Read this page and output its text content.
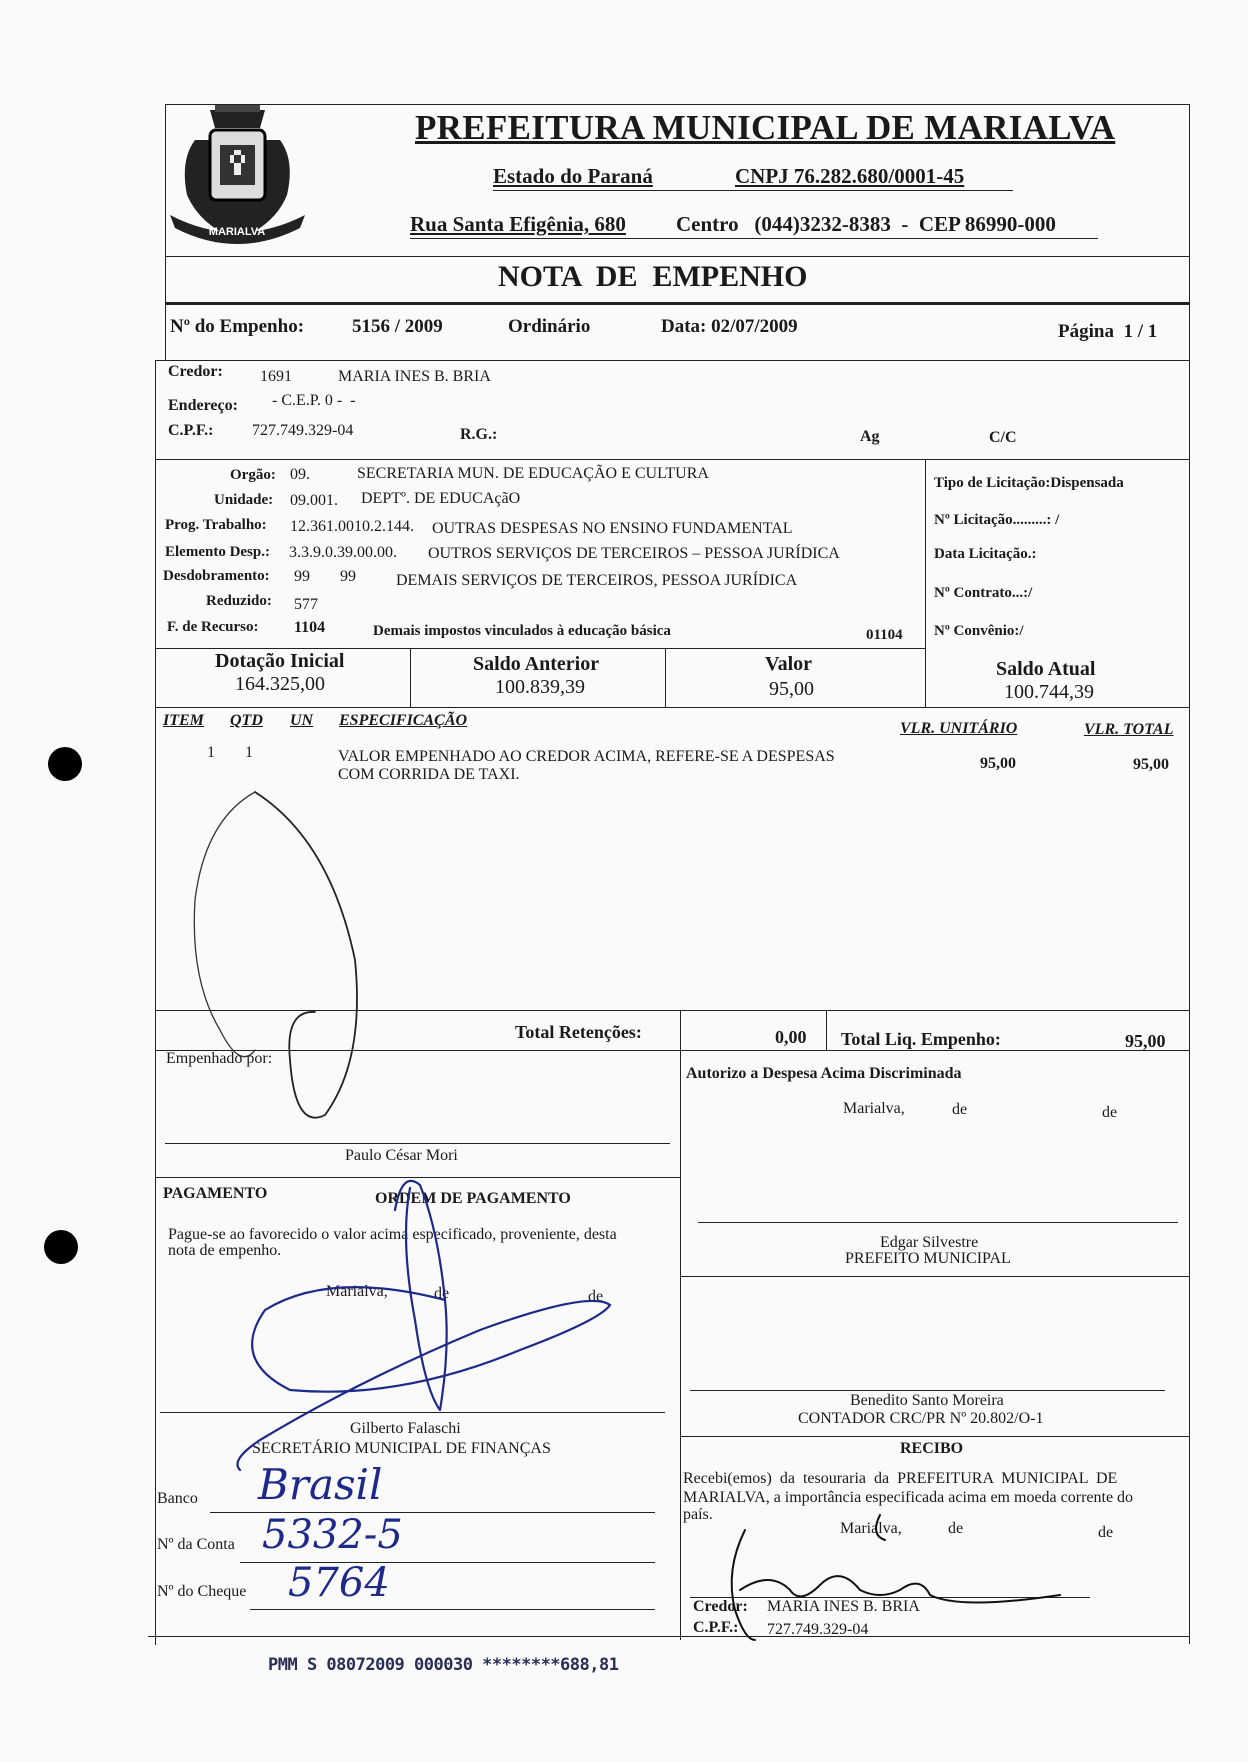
MARIALVA
PREFEITURA MUNICIPAL DE MARIALVA
Estado do Paraná	CNPJ 76.282.680/0001-45
Rua Santa Efigênia, 680 Centro   (044)3232-8383  -  CEP 86990-000
NOTA  DE  EMPENHO
Nº do Empenho:	5156 / 2009	Ordinário	Data: 02/07/2009	Página  1 / 1
Credor: 1691	MARIA INES B. BRIA
Endereço: - C.E.P. 0 -  -
C.P.F.: 727.749.329-04	R.G.:	Ag	C/C
Orgão: 09.	SECRETARIA MUN. DE EDUCAÇÃO E CULTURA
Unidade: 09.001. DEPTº. DE EDUCAçãO
Prog. Trabalho: 12.361.0010.2.144. OUTRAS DESPESAS NO ENSINO FUNDAMENTAL
Elemento Desp.: 3.3.9.0.39.00.00. OUTROS SERVIÇOS DE TERCEIROS – PESSOA JURÍDICA
Desdobramento: 99 99	DEMAIS SERVIÇOS DE TERCEIROS, PESSOA JURÍDICA
Reduzido: 577
F. de Recurso: 1104	Demais impostos vinculados à educação básica	01104
Tipo de Licitação:Dispensada
Nº Licitação.........: /
Data Licitação.:
Nº Contrato...:/
Nº Convênio:/
Dotação Inicial
164.325,00
Saldo Anterior
100.839,39
Valor
95,00
Saldo Atual
100.744,39
ITEM QTD UN ESPECIFICAÇÃO	VLR. UNITÁRIO	VLR. TOTAL
1 1	VALOR EMPENHADO AO CREDOR ACIMA, REFERE-SE A DESPESAS
COM CORRIDA DE TAXI.
95,00	95,00
Total Retenções:	0,00 Total Liq. Empenho:	95,00
Empenhado por:
Paulo César Mori
Autorizo a Despesa Acima Discriminada
Marialva,	de	de
Edgar Silvestre
PREFEITO MUNICIPAL
PAGAMENTO	ORDEM DE PAGAMENTO
Pague-se ao favorecido o valor acima especificado, proveniente, desta
nota de empenho.
Marialva,	de	de
Gilberto Falaschi
SECRETÁRIO MUNICIPAL DE FINANÇAS
Banco Brasil
Nº da Conta 5332-5
Nº do Cheque 5764
Benedito Santo Moreira
CONTADOR CRC/PR Nº 20.802/O-1
RECIBO
Recebi(emos)  da  tesouraria  da  PREFEITURA  MUNICIPAL  DE
MARIALVA, a importância especificada acima em moeda corrente do
país.
Marialva,	de	de
Credor: MARIA INES B. BRIA
C.P.F.: 727.749.329-04
PMM S 08072009 000030 ********688,81
